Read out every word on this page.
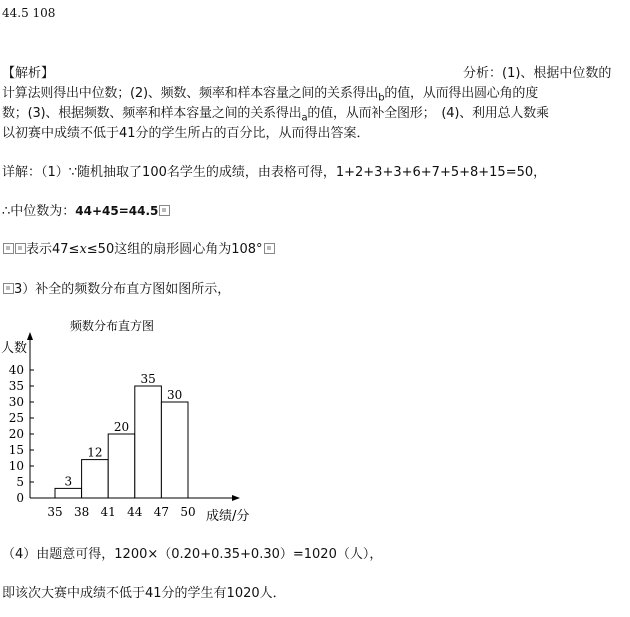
44.5 108
【解析】	分析：(1)、根据中位数的
计算法则得出中位数；(2)、频数、频率和样本容量之间的关系得出$_b$的值，从而得出圆心角的度
数；(3)、根据频数、频率和样本容量之间的关系得出$_a$的值，从而补全图形； (4)、利用总人数乘
以初赛中成绩不低于41分的学生所占的百分比，从而得出答案．
详解：（1）∵随机抽取了100名学生的成绩，由表格可得，1+2+3+3+6+7+5+8+15=50，
∴中位数为：44+45=44.5
表示47≤x≤50这组的扇形圆心角为108°
3）补全的频数分布直方图如图所示，
频数分布直方图
人数
成绩/分
0
5
10
15
20
25
30
35
40
35 38 41 44 47 50
3
12
20
35
30
（4）由题意可得，1200×（0.20+0.35+0.30）=1020（人），
即该次大赛中成绩不低于41分的学生有1020人．
